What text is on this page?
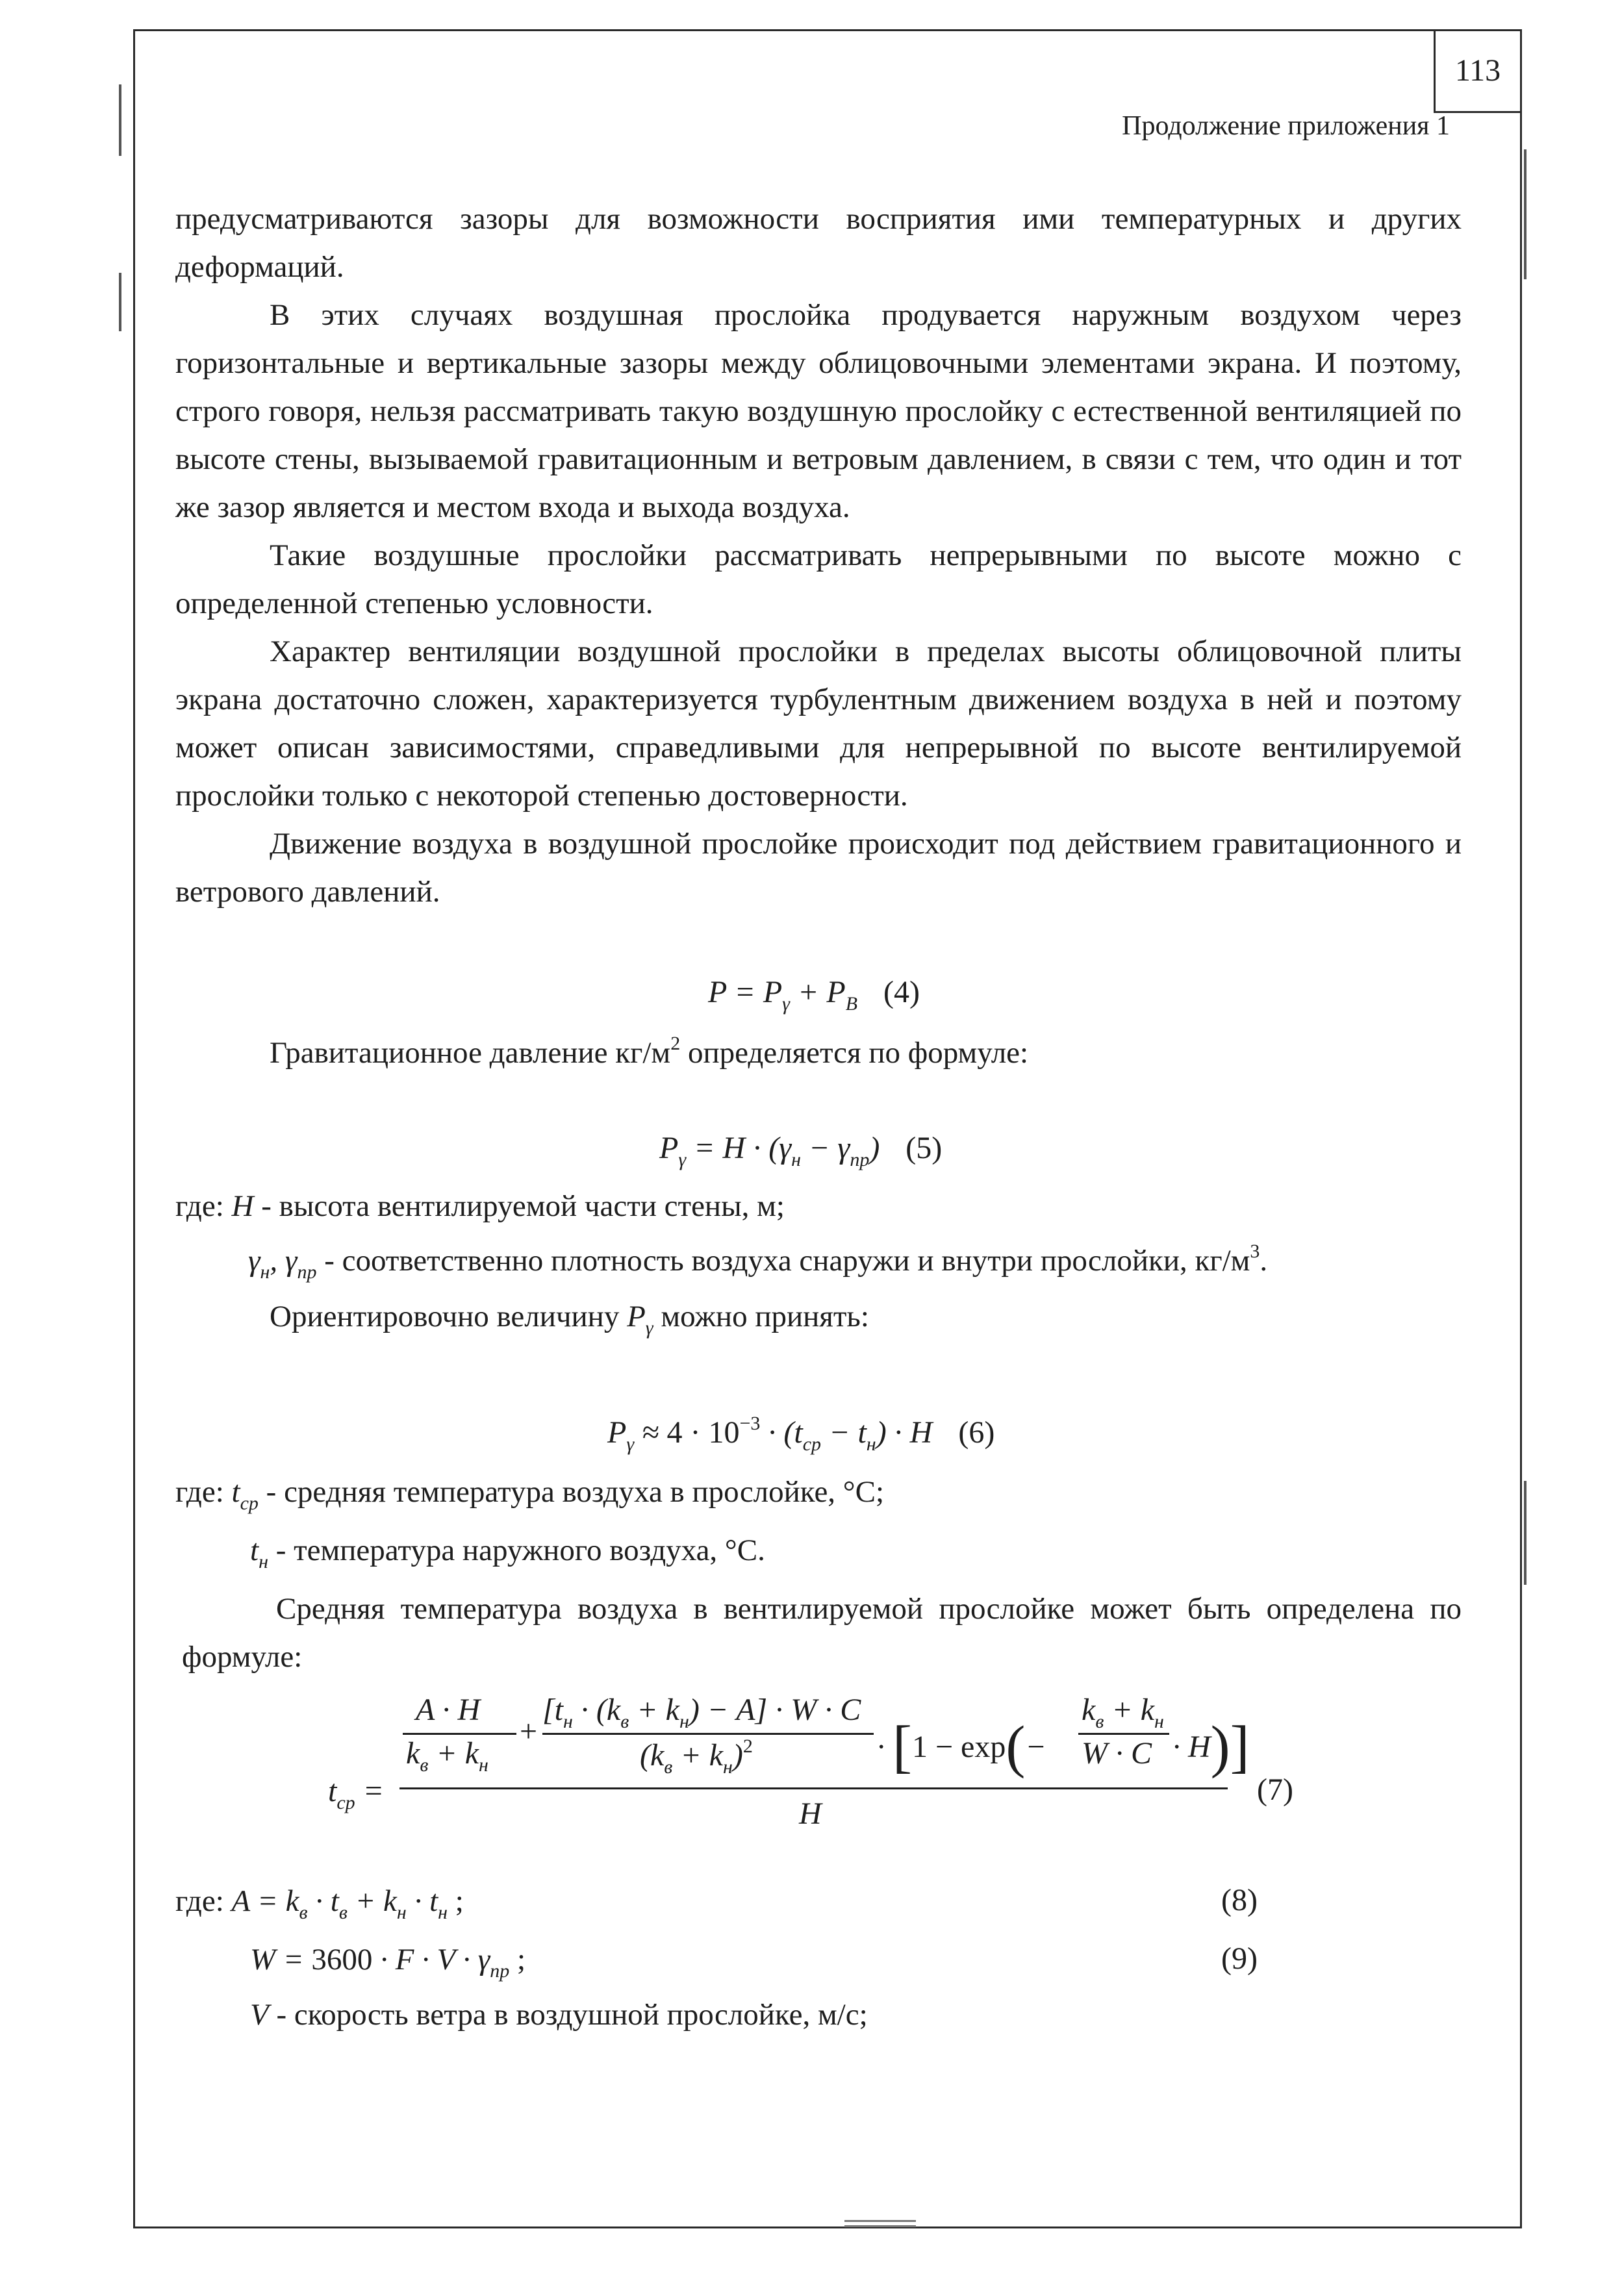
113
Продолжение приложения 1

предусматриваются зазоры для возможности восприятия ими температурных и других деформаций.

В этих случаях воздушная прослойка продувается наружным воздухом через горизонтальные и вертикальные зазоры между облицовочными элементами экрана. И поэтому, строго говоря, нельзя рассматривать такую воздушную прослойку с естественной вентиляцией по высоте стены, вызываемой гравитационным и ветровым давлением, в связи с тем, что один и тот же зазор является и местом входа и выхода воздуха.

Такие воздушные прослойки рассматривать непрерывными по высоте можно с определенной степенью условности.

Характер вентиляции воздушной прослойки в пределах высоты облицовочной плиты экрана достаточно сложен, характеризуется турбулентным движением воздуха в ней и поэтому может описан зависимостями, справедливыми для непрерывной по высоте вентилируемой прослойки только с некоторой степенью достоверности.

Движение воздуха в воздушной прослойке происходит под действием гравитационного и ветрового давлений.

$P = P_\gamma + P_B$ (4)
Гравитационное давление $кг/м^2$ определяется по формуле:
$P_\gamma = H \cdot (\gamma_н - \gamma_{пр})$ (5)
где: H - высота вентилируемой части стены, м;
$\gamma_н$, $\gamma_{пр}$ - соответственно плотность воздуха снаружи и внутри прослойки, $кг/м^3$.
Ориентировочно величину $P_\gamma$ можно принять:
$P_\gamma \approx 4 \cdot 10^{-3} \cdot (t_{ср} - t_н) \cdot H$ (6)
где: $t_{ср}$ - средняя температура воздуха в прослойке, °С;
$t_н$ - температура наружного воздуха, °С.

Средняя температура воздуха в вентилируемой прослойке может быть определена по формуле:

$t_{ср}$ =
A · H
$k_в + k_н$
+
$[t_н \cdot (k_в + k_н) - A] \cdot W \cdot C$
$(k_в + k_н)^2$	· [1 − exp(−
$k_в + k_н$
W · C · H)]
H
(7)
где: $A = k_в \cdot t_в + k_н \cdot t_н$ ;	(8)
$W = 3600 \cdot F \cdot V \cdot \gamma_{пр}$ ;	(9)
V - скорость ветра в воздушной прослойке, м/с;
